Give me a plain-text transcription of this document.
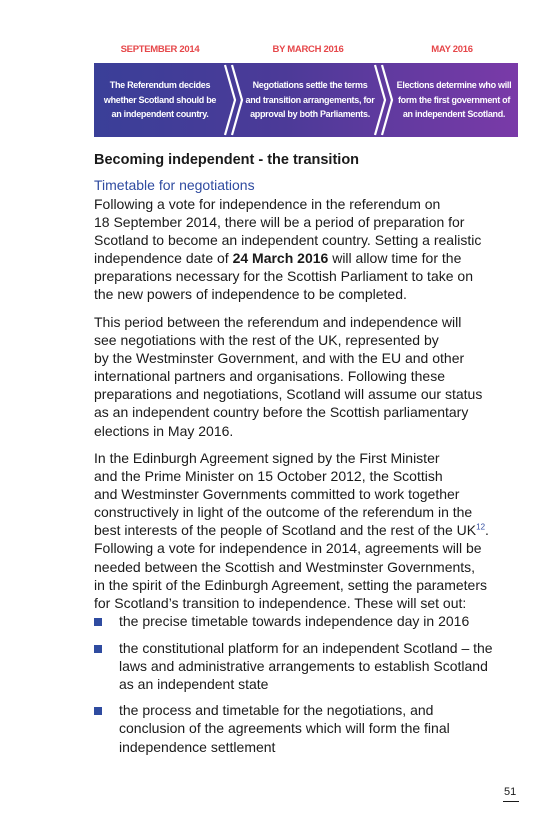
SEPTEMBER 2014	BY MARCH 2016	MAY 2016
The Referendum decides
whether Scotland should be
an independent country.
Negotiations settle the terms
and transition arrangements, for
approval by both Parliaments.
Elections determine who will
form the first government of
an independent Scotland.
Becoming independent - the transition
Timetable for negotiations
Following a vote for independence in the referendum on
18 September 2014, there will be a period of preparation for
Scotland to become an independent country. Setting a realistic
independence date of 24 March 2016 will allow time for the
preparations necessary for the Scottish Parliament to take on
the new powers of independence to be completed.
This period between the referendum and independence will
see negotiations with the rest of the UK, represented by
by the Westminster Government, and with the EU and other
international partners and organisations. Following these
preparations and negotiations, Scotland will assume our status
as an independent country before the Scottish parliamentary
elections in May 2016.
In the Edinburgh Agreement signed by the First Minister
and the Prime Minister on 15 October 2012, the Scottish
and Westminster Governments committed to work together
constructively in light of the outcome of the referendum in the
best interests of the people of Scotland and the rest of the UK$^{12}$.
Following a vote for independence in 2014, agreements will be
needed between the Scottish and Westminster Governments,
in the spirit of the Edinburgh Agreement, setting the parameters
for Scotland’s transition to independence. These will set out:
the precise timetable towards independence day in 2016
the constitutional platform for an independent Scotland – the
laws and administrative arrangements to establish Scotland
as an independent state
the process and timetable for the negotiations, and
conclusion of the agreements which will form the final
independence settlement
51
